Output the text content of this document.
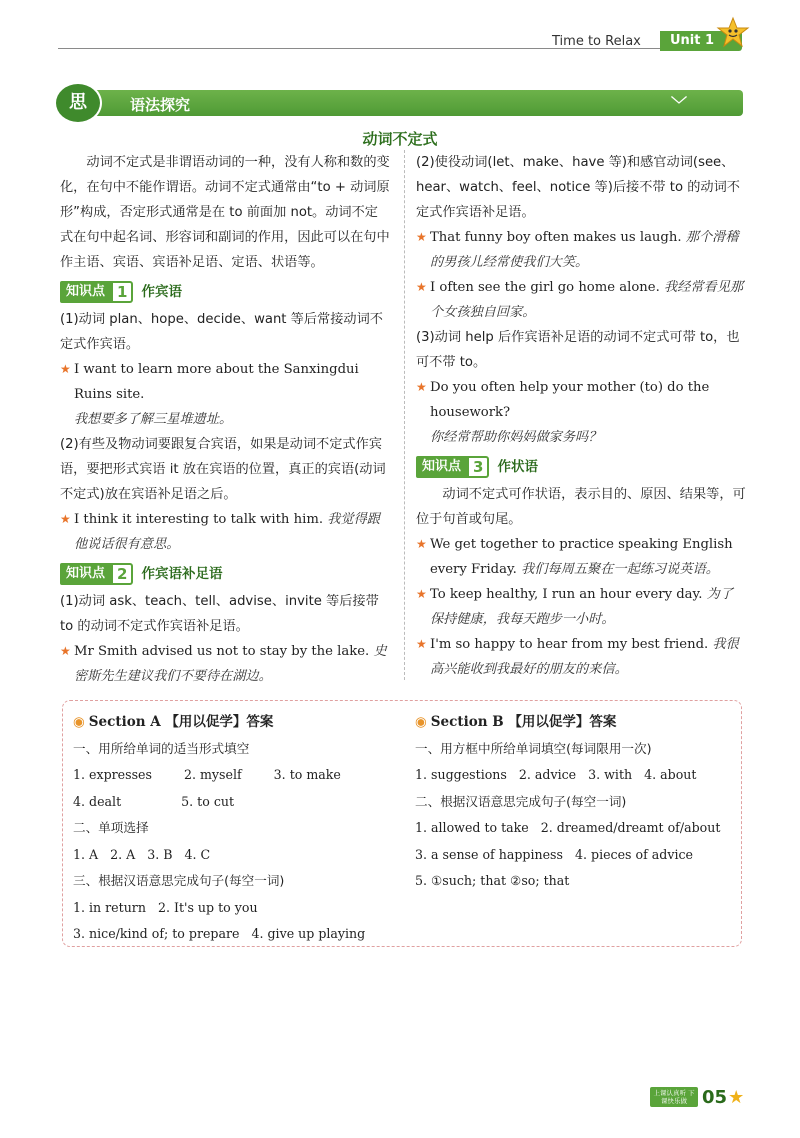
Time to Relax	Unit 1
思	语法探究	﹀
动词不定式

动词不定式是非谓语动词的一种，没有人称和数的变化，在句中不能作谓语。动词不定式通常由“to + 动词原形”构成，否定形式通常是在 to 前面加 not。动词不定式在句中起名词、形容词和副词的作用，因此可以在句中作主语、宾语、宾语补足语、定语、状语等。

知识点 1	作宾语

(1)动词 plan、hope、decide、want 等后常接动词不定式作宾语。

★ I want to learn more about the Sanxingdui Ruins site.
我想要多了解三星堆遗址。

(2)有些及物动词要跟复合宾语，如果是动词不定式作宾语，要把形式宾语 it 放在宾语的位置，真正的宾语(动词不定式)放在宾语补足语之后。

★ I think it interesting to talk with him. 我觉得跟他说话很有意思。

知识点 2	作宾语补足语

(1)动词 ask、teach、tell、advise、invite 等后接带 to 的动词不定式作宾语补足语。

★ Mr Smith advised us not to stay by the lake. 史密斯先生建议我们不要待在湖边。

(2)使役动词(let、make、have 等)和感官动词(see、hear、watch、feel、notice 等)后接不带 to 的动词不定式作宾语补足语。

★ That funny boy often makes us laugh. 那个滑稽的男孩儿经常使我们大笑。

★ I often see the girl go home alone. 我经常看见那个女孩独自回家。

(3)动词 help 后作宾语补足语的动词不定式可带 to，也可不带 to。

★ Do you often help your mother (to) do the housework?
你经常帮助你妈妈做家务吗？

知识点 3	作状语

动词不定式可作状语，表示目的、原因、结果等，可位于句首或句尾。

★ We get together to practice speaking English every Friday. 我们每周五聚在一起练习说英语。

★ To keep healthy, I run an hour every day. 为了保持健康，我每天跑步一小时。

★ I'm so happy to hear from my best friend. 我很高兴能收到我最好的朋友的来信。

◉ Section A 【用以促学】答案

一、用所给单词的适当形式填空

1. expresses	2. myself	3. to make

4. dealt	5. to cut

二、单项选择

1. A   2. A   3. B   4. C

三、根据汉语意思完成句子(每空一词)

1. in return   2. It's up to you

3. nice/kind of; to prepare   4. give up playing

◉ Section B 【用以促学】答案

一、用方框中所给单词填空(每词限用一次)

1. suggestions   2. advice   3. with   4. about

二、根据汉语意思完成句子(每空一词)

1. allowed to take   2. dreamed/dreamt of/about

3. a sense of happiness   4. pieces of advice

5. ①such; that ②so; that

上课认真听 下课快乐做 05 ★
